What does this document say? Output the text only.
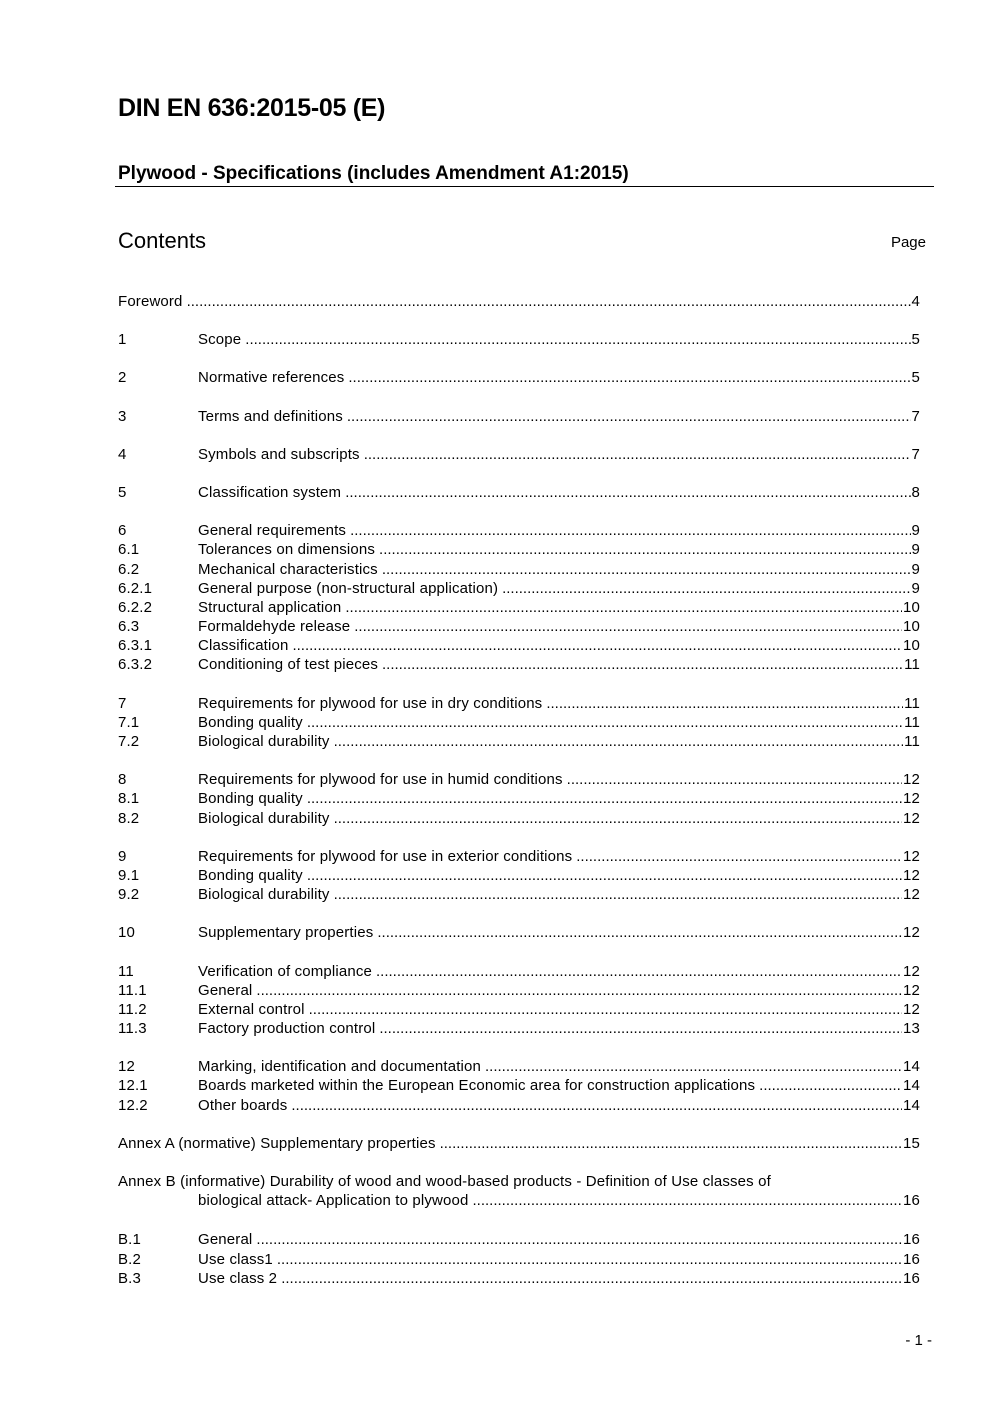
DIN EN 636:2015-05 (E)
Plywood - Specifications (includes Amendment A1:2015)
Contents	Page
Foreword .....	4
1	Scope .....	5
2	Normative references .....	5
3	Terms and definitions .....	7
4	Symbols and subscripts .....	7
5	Classification system .....	8
6	General requirements .....	9
6.1	Tolerances on dimensions .....	9
6.2	Mechanical characteristics .....	9
6.2.1	General purpose (non-structural application) .....	9
6.2.2	Structural application .....	10
6.3	Formaldehyde release .....	10
6.3.1	Classification .....	10
6.3.2	Conditioning of test pieces .....	11
7	Requirements for plywood for use in dry conditions .....	11
7.1	Bonding quality .....	11
7.2	Biological durability .....	11
8	Requirements for plywood for use in humid conditions .....	12
8.1	Bonding quality .....	12
8.2	Biological durability .....	12
9	Requirements for plywood for use in exterior conditions .....	12
9.1	Bonding quality .....	12
9.2	Biological durability .....	12
10	Supplementary properties .....	12
11	Verification of compliance .....	12
11.1	General .....	12
11.2	External control .....	12
11.3	Factory production control .....	13
12	Marking, identification and documentation .....	14
12.1	Boards marketed within the European Economic area for construction applications .....	14
12.2	Other boards .....	14
Annex A (normative) Supplementary properties .....	15
Annex B (informative) Durability of wood and wood-based products - Definition of Use classes of
biological attack- Application to plywood .....	16
B.1	General .....	16
B.2	Use class1 .....	16
B.3	Use class 2 .....	16
- 1 -
